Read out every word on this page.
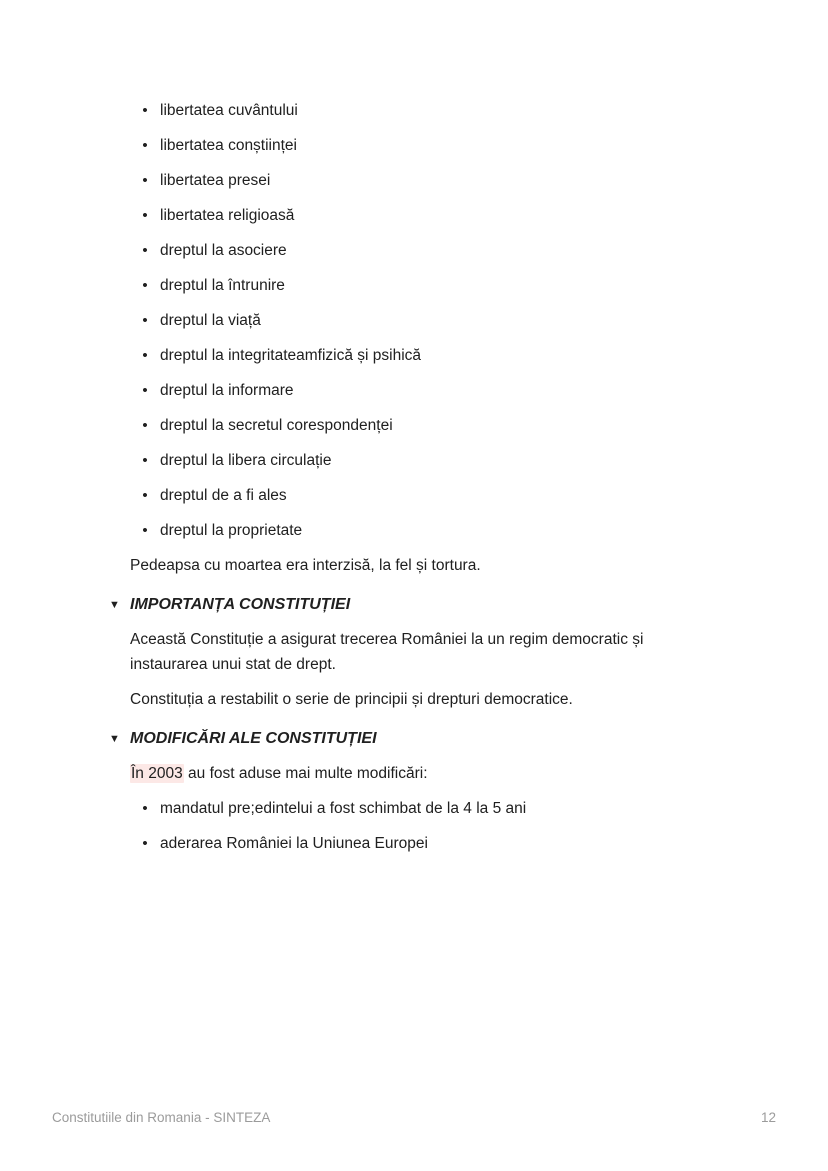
• libertatea cuvântului
• libertatea conștiinței
• libertatea presei
• libertatea religioasă
• dreptul la asociere
• dreptul la întrunire
• dreptul la viață
• dreptul la integritateamfizică și psihică
• dreptul la informare
• dreptul la secretul corespondenței
• dreptul la libera circulație
• dreptul de a fi ales
• dreptul la proprietate

Pedeapsa cu moartea era interzisă, la fel și tortura.

▼ IMPORTANȚA CONSTITUȚIEI

Această Constituție a asigurat trecerea României la un regim democratic și instaurarea unui stat de drept.

Constituția a restabilit o serie de principii și drepturi democratice.

▼ MODIFICĂRI ALE CONSTITUȚIEI

În 2003 au fost aduse mai multe modificări:

• mandatul pre;edintelui a fost schimbat de la 4 la 5 ani
• aderarea României la Uniunea Europei
Constitutiile din Romania - SINTEZA	12
